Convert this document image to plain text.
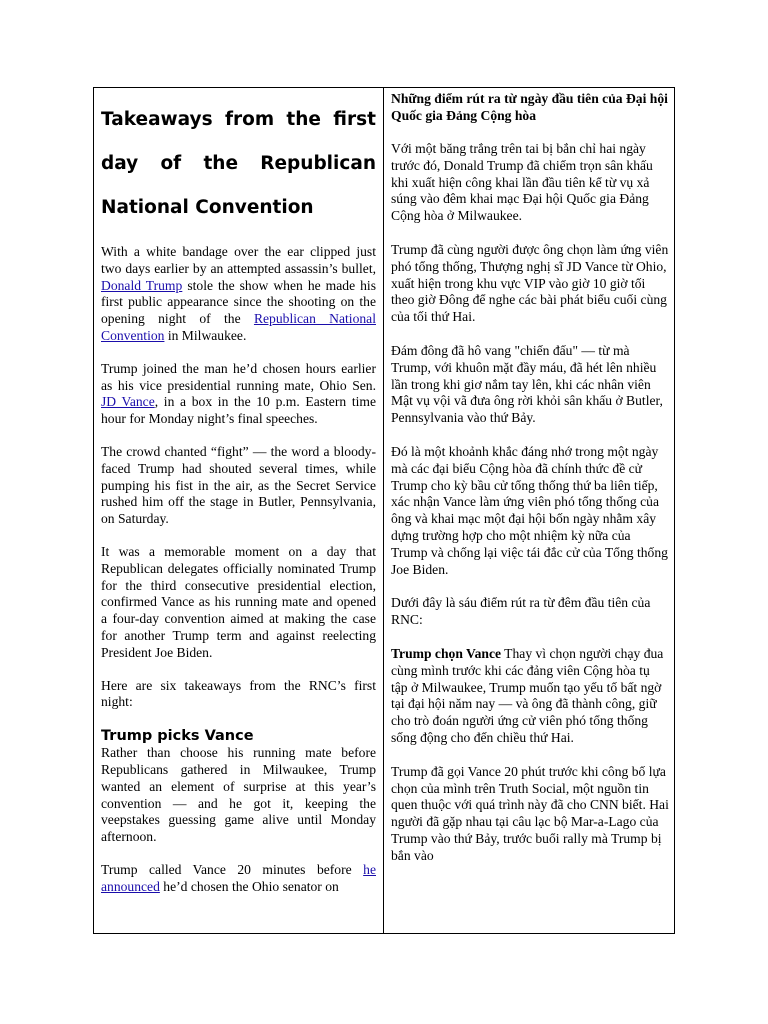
Takeaways from the first day of the Republican National Convention

With a white bandage over the ear clipped just two days earlier by an attempted assassin’s bullet, Donald Trump stole the show when he made his first public appearance since the shooting on the opening night of the Republican National Convention in Milwaukee.

Trump joined the man he’d chosen hours earlier as his vice presidential running mate, Ohio Sen. JD Vance, in a box in the 10 p.m. Eastern time hour for Monday night’s final speeches.

The crowd chanted “fight” — the word a bloody-faced Trump had shouted several times, while pumping his fist in the air, as the Secret Service rushed him off the stage in Butler, Pennsylvania, on Saturday.

It was a memorable moment on a day that Republican delegates officially nominated Trump for the third consecutive presidential election, confirmed Vance as his running mate and opened a four-day convention aimed at making the case for another Trump term and against reelecting President Joe Biden.

Here are six takeaways from the RNC’s first night:

Trump picks Vance

Rather than choose his running mate before Republicans gathered in Milwaukee, Trump wanted an element of surprise at this year’s convention — and he got it, keeping the veepstakes guessing game alive until Monday afternoon.

Trump called Vance 20 minutes before he announced he’d chosen the Ohio senator on

Những điểm rút ra từ ngày đầu tiên của Đại hội Quốc gia Đảng Cộng hòa

Với một băng trắng trên tai bị bắn chỉ hai ngày trước đó, Donald Trump đã chiếm trọn sân khấu khi xuất hiện công khai lần đầu tiên kể từ vụ xả súng vào đêm khai mạc Đại hội Quốc gia Đảng Cộng hòa ở Milwaukee.

Trump đã cùng người được ông chọn làm ứng viên phó tổng thống, Thượng nghị sĩ JD Vance từ Ohio, xuất hiện trong khu vực VIP vào giờ 10 giờ tối theo giờ Đông để nghe các bài phát biểu cuối cùng của tối thứ Hai.

Đám đông đã hô vang "chiến đấu" — từ mà Trump, với khuôn mặt đầy máu, đã hét lên nhiều lần trong khi giơ nắm tay lên, khi các nhân viên Mật vụ vội vã đưa ông rời khỏi sân khấu ở Butler, Pennsylvania vào thứ Bảy.

Đó là một khoảnh khắc đáng nhớ trong một ngày mà các đại biểu Cộng hòa đã chính thức đề cử Trump cho kỳ bầu cử tổng thống thứ ba liên tiếp, xác nhận Vance làm ứng viên phó tổng thống của ông và khai mạc một đại hội bốn ngày nhằm xây dựng trường hợp cho một nhiệm kỳ nữa của Trump và chống lại việc tái đắc cử của Tổng thống Joe Biden.

Dưới đây là sáu điểm rút ra từ đêm đầu tiên của RNC:

Trump chọn Vance Thay vì chọn người chạy đua cùng mình trước khi các đảng viên Cộng hòa tụ tập ở Milwaukee, Trump muốn tạo yếu tố bất ngờ tại đại hội năm nay — và ông đã thành công, giữ cho trò đoán người ứng cử viên phó tổng thống sống động cho đến chiều thứ Hai.

Trump đã gọi Vance 20 phút trước khi công bố lựa chọn của mình trên Truth Social, một nguồn tin quen thuộc với quá trình này đã cho CNN biết. Hai người đã gặp nhau tại câu lạc bộ Mar-a-Lago của Trump vào thứ Bảy, trước buổi rally mà Trump bị bắn vào
